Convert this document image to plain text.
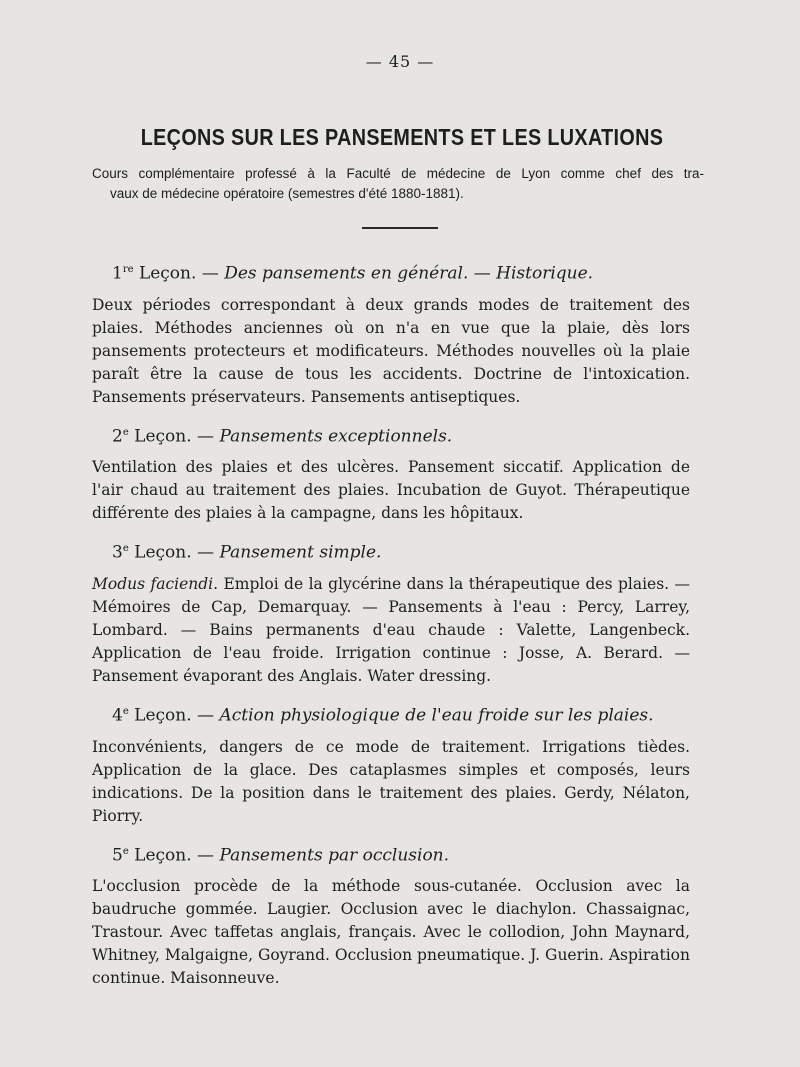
— 45 —
LEÇONS SUR LES PANSEMENTS ET LES LUXATIONS
Cours complémentaire professé à la Faculté de médecine de Lyon comme chef des tra-
vaux de médecine opératoire (semestres d'été 1880-1881).
1re Leçon. — Des pansements en général. — Historique.

Deux périodes correspondant à deux grands modes de traitement des plaies. Méthodes anciennes où on n'a en vue que la plaie, dès lors pansements protecteurs et modificateurs. Méthodes nouvelles où la plaie paraît être la cause de tous les accidents. Doctrine de l'intoxication. Pansements préservateurs. Pansements antiseptiques.

2e Leçon. — Pansements exceptionnels.

Ventilation des plaies et des ulcères. Pansement siccatif. Application de l'air chaud au traitement des plaies. Incubation de Guyot. Thérapeutique différente des plaies à la campagne, dans les hôpitaux.

3e Leçon. — Pansement simple.

Modus faciendi. Emploi de la glycérine dans la thérapeutique des plaies. — Mémoires de Cap, Demarquay. — Pansements à l'eau : Percy, Larrey, Lombard. — Bains permanents d'eau chaude : Valette, Langenbeck. Application de l'eau froide. Irrigation continue : Josse, A. Berard. — Pansement évaporant des Anglais. Water dressing.

4e Leçon. — Action physiologique de l'eau froide sur les plaies.

Inconvénients, dangers de ce mode de traitement. Irrigations tièdes. Application de la glace. Des cataplasmes simples et composés, leurs indications. De la position dans le traitement des plaies. Gerdy, Nélaton, Piorry.

5e Leçon. — Pansements par occlusion.

L'occlusion procède de la méthode sous-cutanée. Occlusion avec la baudruche gommée. Laugier. Occlusion avec le diachylon. Chassaignac, Trastour. Avec taffetas anglais, français. Avec le collodion, John Maynard, Whitney, Malgaigne, Goyrand. Occlusion pneumatique. J. Guerin. Aspiration continue. Maisonneuve.
